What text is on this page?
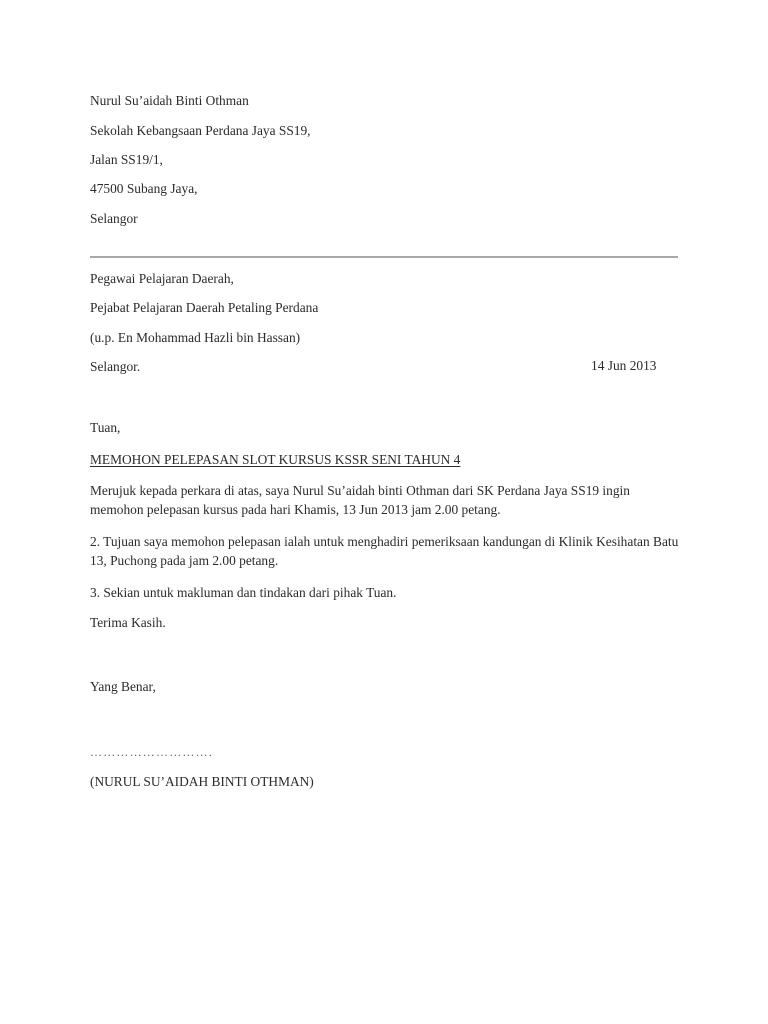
Nurul Su’aidah Binti Othman
Sekolah Kebangsaan Perdana Jaya SS19,
Jalan SS19/1,
47500 Subang Jaya,
Selangor
Pegawai Pelajaran Daerah,
Pejabat Pelajaran Daerah Petaling Perdana
(u.p. En Mohammad Hazli bin Hassan)
Selangor.	14 Jun 2013
Tuan,
MEMOHON PELEPASAN SLOT KURSUS KSSR SENI TAHUN 4
Merujuk kepada perkara di atas, saya Nurul Su’aidah binti Othman dari SK Perdana Jaya SS19 ingin memohon pelepasan kursus pada hari Khamis, 13 Jun 2013 jam 2.00 petang.
2. Tujuan saya memohon pelepasan ialah untuk menghadiri pemeriksaan kandungan di Klinik Kesihatan Batu 13, Puchong pada jam 2.00 petang.
3. Sekian untuk makluman dan tindakan dari pihak Tuan.
Terima Kasih.
Yang Benar,
……………………….
(NURUL SU’AIDAH BINTI OTHMAN)
